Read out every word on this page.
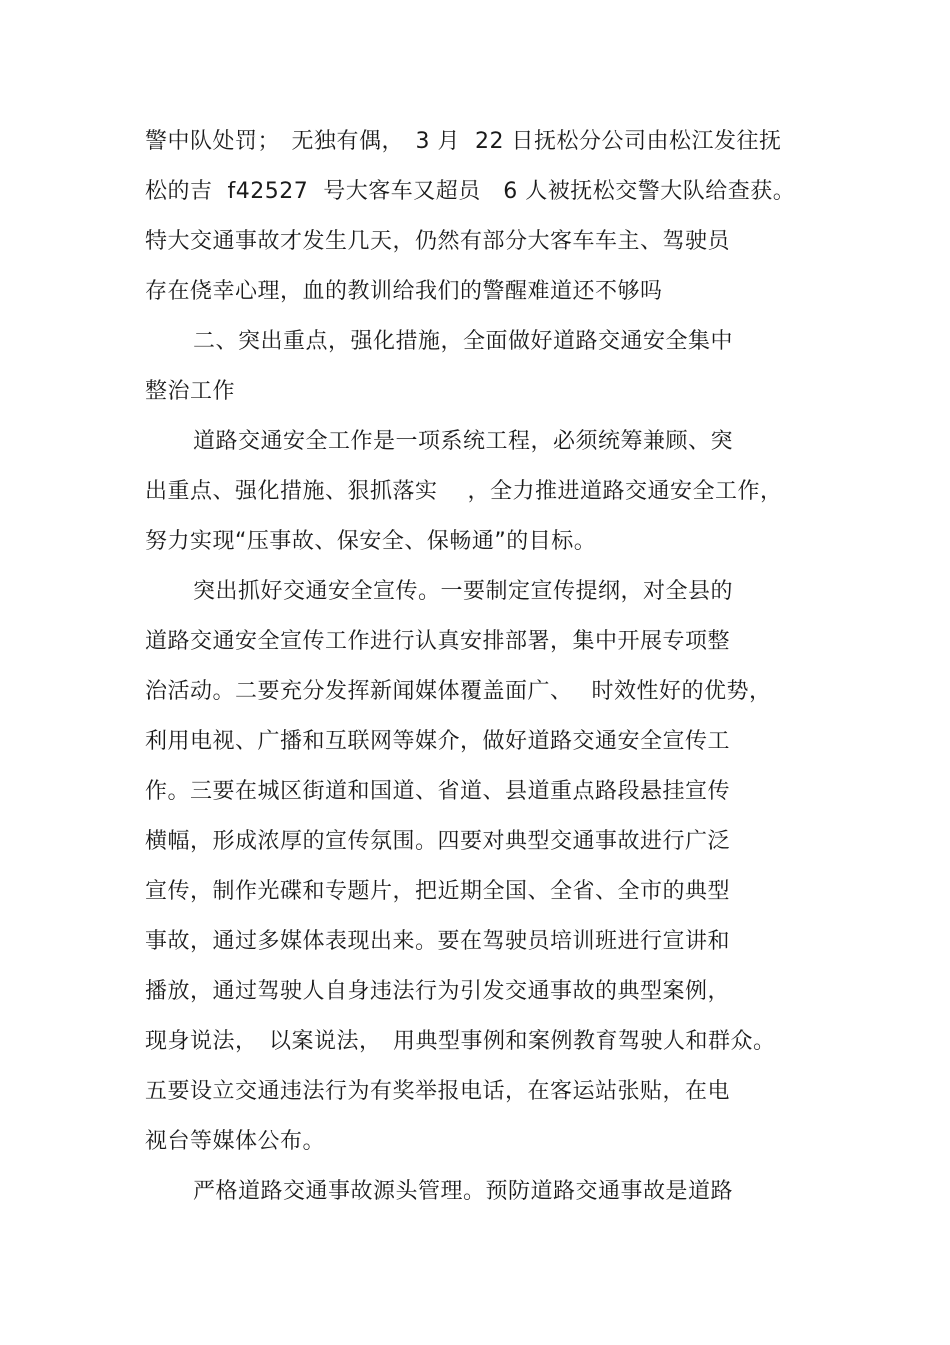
警中队处罚；　无独有偶，　3 月  22 日抚松分公司由松江发往抚
松的吉  f42527  号大客车又超员　6 人被抚松交警大队给查获。
特大交通事故才发生几天，仍然有部分大客车车主、驾驶员
存在侥幸心理，血的教训给我们的警醒难道还不够吗
二、突出重点，强化措施，全面做好道路交通安全集中
整治工作
道路交通安全工作是一项系统工程，必须统筹兼顾、突
出重点、强化措施、狠抓落实　 ，全力推进道路交通安全工作，
努力实现“压事故、保安全、保畅通”的目标。
突出抓好交通安全宣传。一要制定宣传提纲，对全县的
道路交通安全宣传工作进行认真安排部署，集中开展专项整
治活动。二要充分发挥新闻媒体覆盖面广、　 时效性好的优势，
利用电视、广播和互联网等媒介，做好道路交通安全宣传工
作。三要在城区街道和国道、省道、县道重点路段悬挂宣传
横幅，形成浓厚的宣传氛围。四要对典型交通事故进行广泛
宣传，制作光碟和专题片，把近期全国、全省、全市的典型
事故，通过多媒体表现出来。要在驾驶员培训班进行宣讲和
播放，通过驾驶人自身违法行为引发交通事故的典型案例，
现身说法，　以案说法，　用典型事例和案例教育驾驶人和群众。
五要设立交通违法行为有奖举报电话，在客运站张贴，在电
视台等媒体公布。
严格道路交通事故源头管理。预防道路交通事故是道路
